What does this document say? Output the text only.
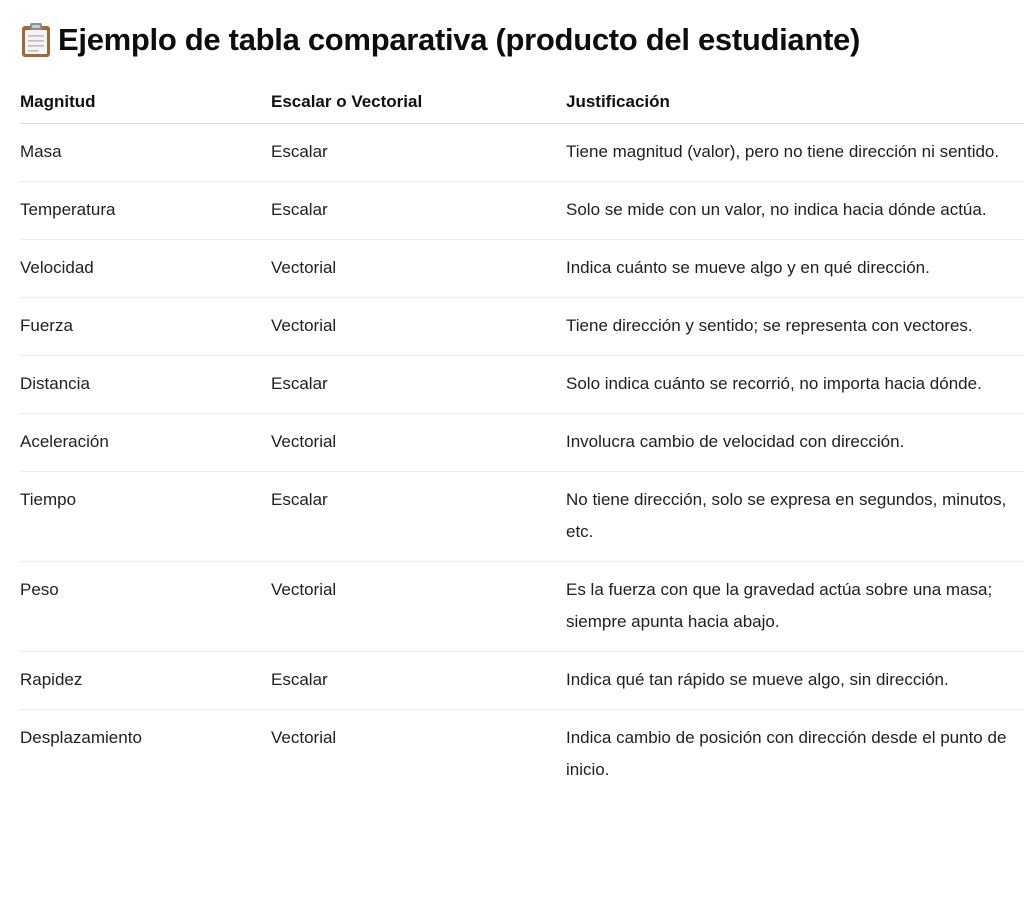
Ejemplo de tabla comparativa (producto del estudiante)
Magnitud	Escalar o Vectorial	Justificación
Masa	Escalar	Tiene magnitud (valor), pero no tiene dirección ni sentido.
Temperatura	Escalar	Solo se mide con un valor, no indica hacia dónde actúa.
Velocidad	Vectorial	Indica cuánto se mueve algo y en qué dirección.
Fuerza	Vectorial	Tiene dirección y sentido; se representa con vectores.
Distancia	Escalar	Solo indica cuánto se recorrió, no importa hacia dónde.
Aceleración	Vectorial	Involucra cambio de velocidad con dirección.
Tiempo	Escalar	No tiene dirección, solo se expresa en segundos, minutos, etc.
Peso	Vectorial	Es la fuerza con que la gravedad actúa sobre una masa; siempre apunta hacia abajo.
Rapidez	Escalar	Indica qué tan rápido se mueve algo, sin dirección.
Desplazamiento	Vectorial	Indica cambio de posición con dirección desde el punto de inicio.
